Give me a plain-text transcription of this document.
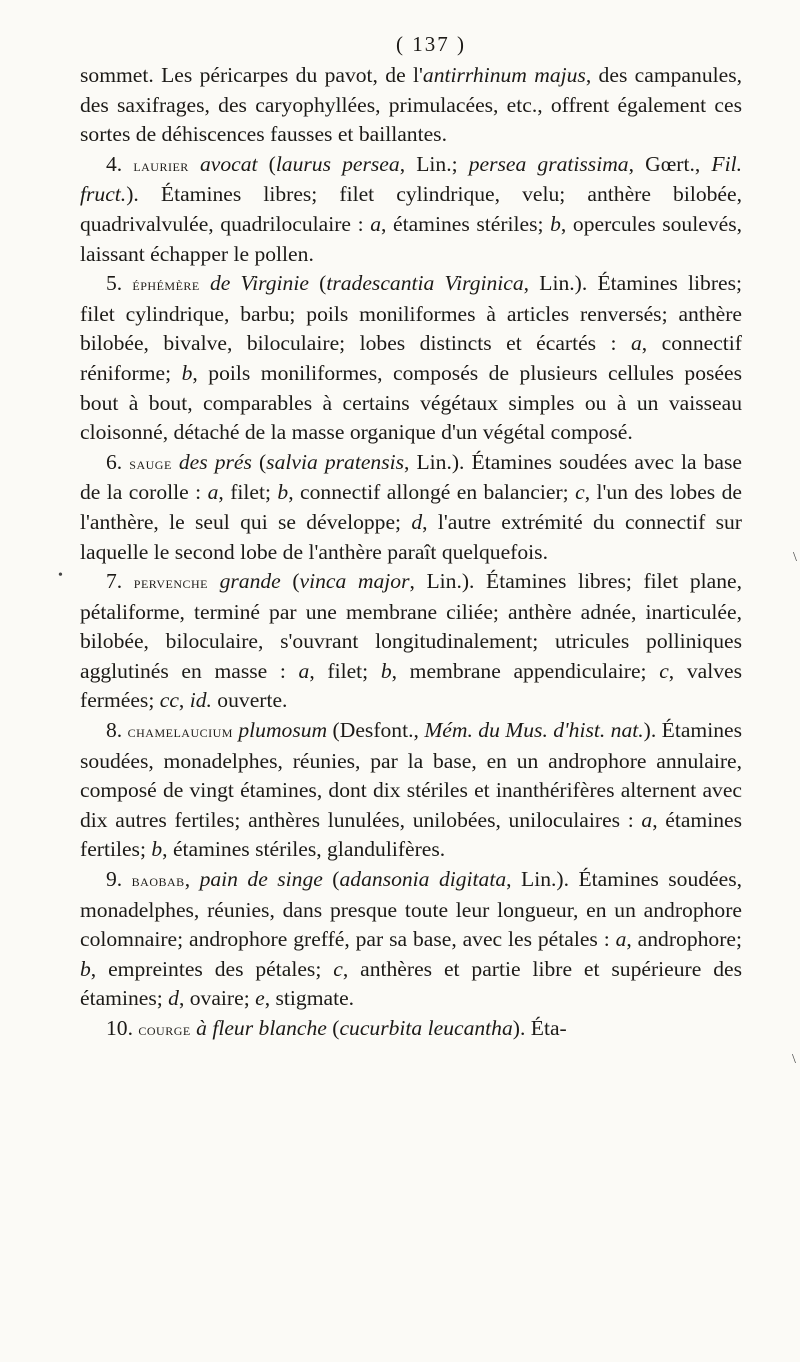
( 137 )

sommet. Les péricarpes du pavot, de l'antirrhinum majus, des campanules, des saxifrages, des caryophyllées, primulacées, etc., offrent également ces sortes de déhiscences fausses et baillantes.

4. laurier avocat (laurus persea, Lin.; persea gratissima, Gœrt., Fil. fruct.). Étamines libres; filet cylindrique, velu; anthère bilobée, quadrivalvulée, quadriloculaire : a, étamines stériles; b, opercules soulevés, laissant échapper le pollen.

5. éphémère de Virginie (tradescantia Virginica, Lin.). Étamines libres; filet cylindrique, barbu; poils moniliformes à articles renversés; anthère bilobée, bivalve, biloculaire; lobes distincts et écartés : a, connectif réniforme; b, poils moniliformes, composés de plusieurs cellules posées bout à bout, comparables à certains végétaux simples ou à un vaisseau cloisonné, détaché de la masse organique d'un végétal composé.

6. sauge des prés (salvia pratensis, Lin.). Étamines soudées avec la base de la corolle : a, filet; b, connectif allongé en balancier; c, l'un des lobes de l'anthère, le seul qui se développe; d, l'autre extrémité du connectif sur laquelle le second lobe de l'anthère paraît quelquefois.

7. pervenche grande (vinca major, Lin.). Étamines libres; filet plane, pétaliforme, terminé par une membrane ciliée; anthère adnée, inarticulée, bilobée, biloculaire, s'ouvrant longitudinalement; utricules polliniques agglutinés en masse : a, filet; b, membrane appendiculaire; c, valves fermées; cc, id. ouverte.

8. chamelaucium plumosum (Desfont., Mém. du Mus. d'hist. nat.). Étamines soudées, monadelphes, réunies, par la base, en un androphore annulaire, composé de vingt étamines, dont dix stériles et inanthérifères alternent avec dix autres fertiles; anthères lunulées, unilobées, uniloculaires : a, étamines fertiles; b, étamines stériles, glandulifères.

9. baobab, pain de singe (adansonia digitata, Lin.). Étamines soudées, monadelphes, réunies, dans presque toute leur longueur, en un androphore colomnaire; androphore greffé, par sa base, avec les pétales : a, androphore; b, empreintes des pétales; c, anthères et partie libre et supérieure des étamines; d, ovaire; e, stigmate.

10. courge à fleur blanche (cucurbita leucantha). Éta-

\
•
\
